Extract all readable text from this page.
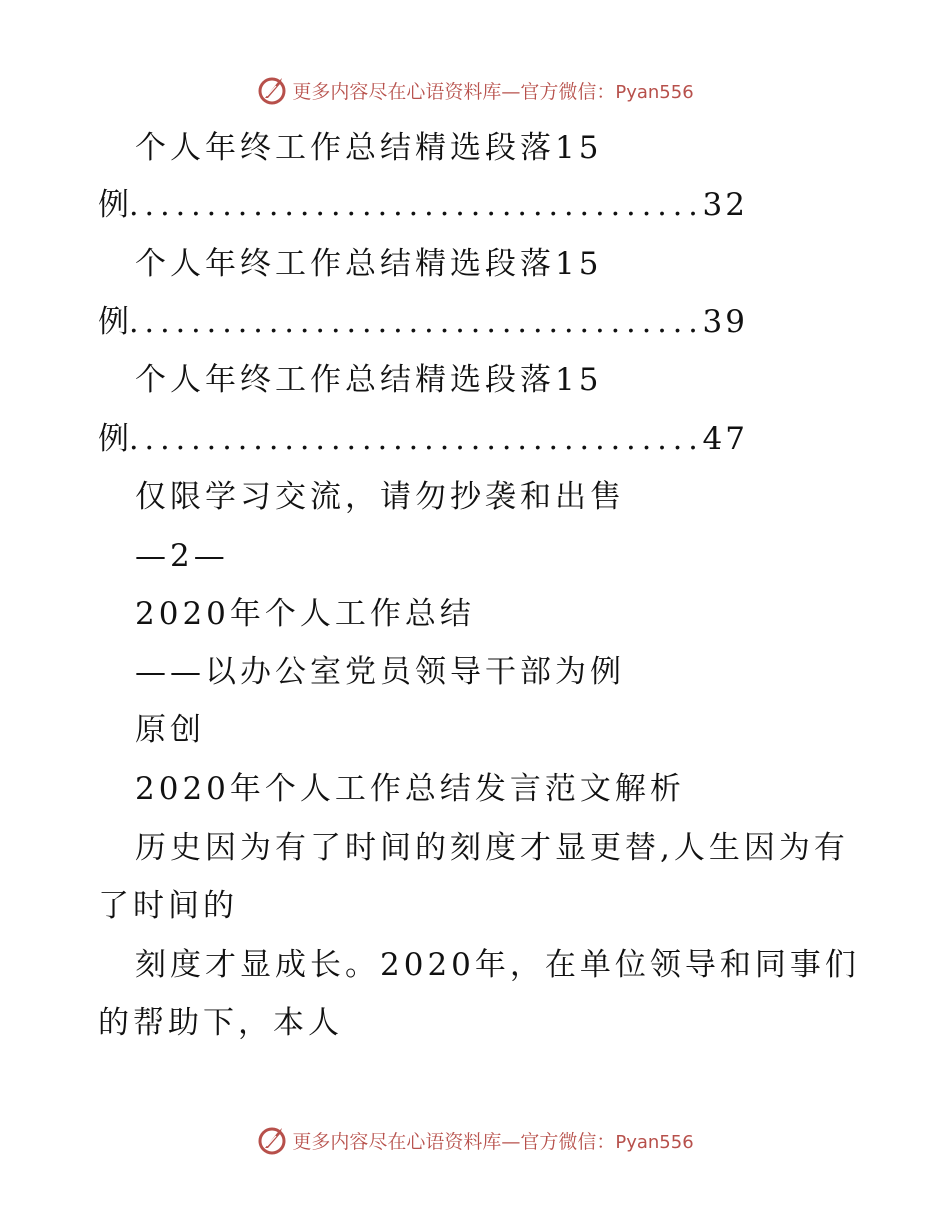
更多内容尽在心语资料库—官方微信：Pyan556
个人年终工作总结精选段落15
例 .....	32
个人年终工作总结精选段落15
例 .....	39
个人年终工作总结精选段落15
例 .....	47
仅限学习交流，请勿抄袭和出售
—2—
2020年个人工作总结
——以办公室党员领导干部为例
原创
2020年个人工作总结发言范文解析
历史因为有了时间的刻度才显更替,人生因为有
了时间的
刻度才显成长。2020年，在单位领导和同事们
的帮助下，本人
更多内容尽在心语资料库—官方微信：Pyan556
